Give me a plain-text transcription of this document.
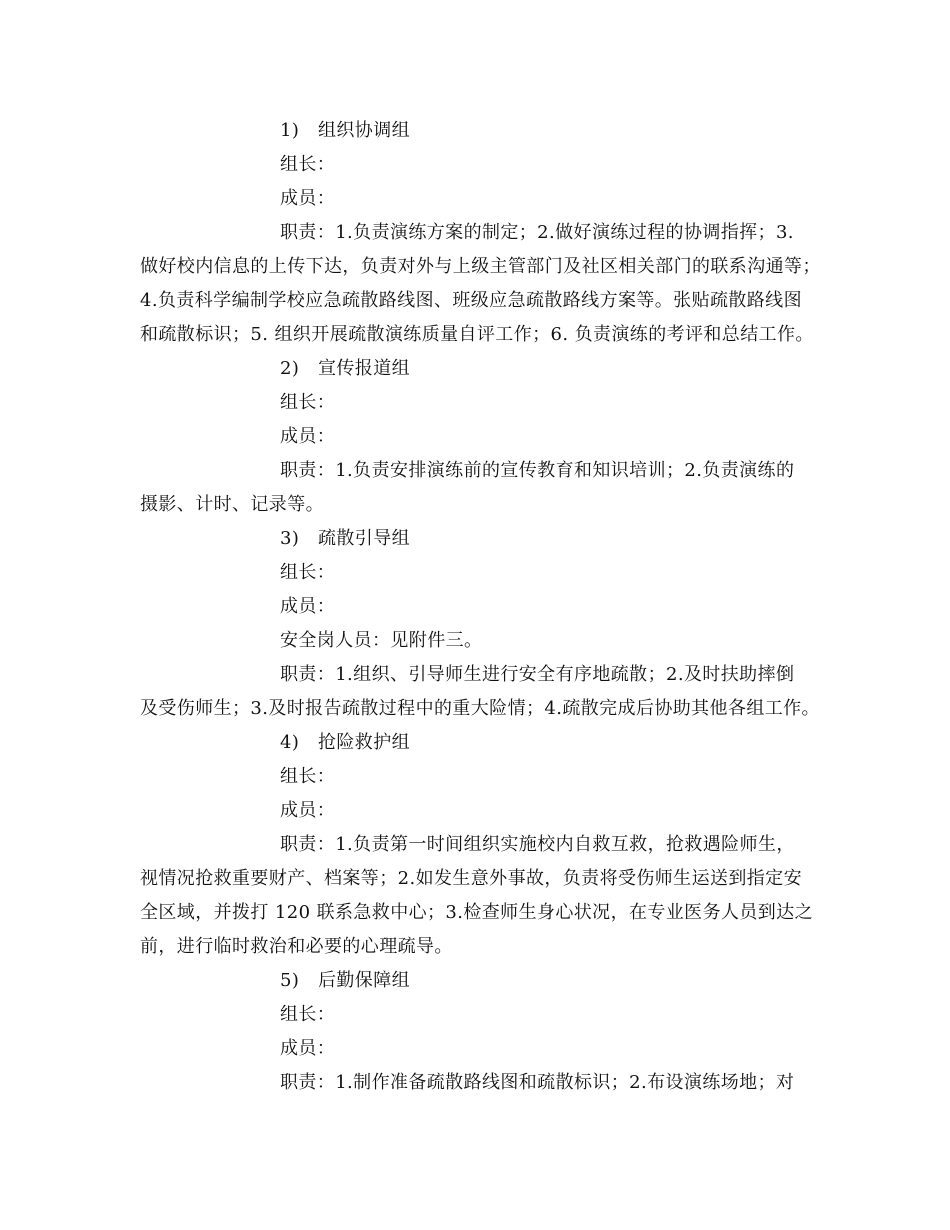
1) 组织协调组
组长：
成员：
职责：1.负责演练方案的制定；2.做好演练过程的协调指挥；3.
做好校内信息的上传下达，负责对外与上级主管部门及社区相关部门的联系沟通等；
4.负责科学编制学校应急疏散路线图、班级应急疏散路线方案等。张贴疏散路线图
和疏散标识；5. 组织开展疏散演练质量自评工作；6. 负责演练的考评和总结工作。
2) 宣传报道组
组长：
成员：
职责：1.负责安排演练前的宣传教育和知识培训；2.负责演练的
摄影、计时、记录等。
3) 疏散引导组
组长：
成员：
安全岗人员：见附件三。
职责：1.组织、引导师生进行安全有序地疏散；2.及时扶助摔倒
及受伤师生；3.及时报告疏散过程中的重大险情；4.疏散完成后协助其他各组工作。
4) 抢险救护组
组长：
成员：
职责：1.负责第一时间组织实施校内自救互救，抢救遇险师生，
视情况抢救重要财产、档案等；2.如发生意外事故，负责将受伤师生运送到指定安
全区域，并拨打 120 联系急救中心；3.检查师生身心状况，在专业医务人员到达之
前，进行临时救治和必要的心理疏导。
5) 后勤保障组
组长：
成员：
职责：1.制作准备疏散路线图和疏散标识；2.布设演练场地；对
